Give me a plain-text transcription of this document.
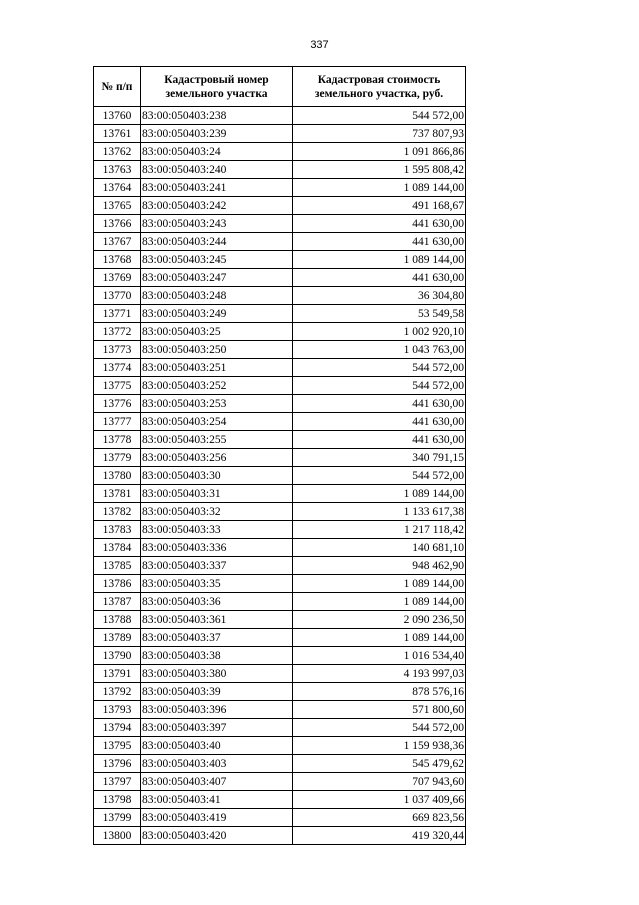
337
№ п/п	Кадастровый номер земельного участка	Кадастровая стоимость земельного участка, руб.
13760	83:00:050403:238	544 572,00
13761	83:00:050403:239	737 807,93
13762	83:00:050403:24	1 091 866,86
13763	83:00:050403:240	1 595 808,42
13764	83:00:050403:241	1 089 144,00
13765	83:00:050403:242	491 168,67
13766	83:00:050403:243	441 630,00
13767	83:00:050403:244	441 630,00
13768	83:00:050403:245	1 089 144,00
13769	83:00:050403:247	441 630,00
13770	83:00:050403:248	36 304,80
13771	83:00:050403:249	53 549,58
13772	83:00:050403:25	1 002 920,10
13773	83:00:050403:250	1 043 763,00
13774	83:00:050403:251	544 572,00
13775	83:00:050403:252	544 572,00
13776	83:00:050403:253	441 630,00
13777	83:00:050403:254	441 630,00
13778	83:00:050403:255	441 630,00
13779	83:00:050403:256	340 791,15
13780	83:00:050403:30	544 572,00
13781	83:00:050403:31	1 089 144,00
13782	83:00:050403:32	1 133 617,38
13783	83:00:050403:33	1 217 118,42
13784	83:00:050403:336	140 681,10
13785	83:00:050403:337	948 462,90
13786	83:00:050403:35	1 089 144,00
13787	83:00:050403:36	1 089 144,00
13788	83:00:050403:361	2 090 236,50
13789	83:00:050403:37	1 089 144,00
13790	83:00:050403:38	1 016 534,40
13791	83:00:050403:380	4 193 997,03
13792	83:00:050403:39	878 576,16
13793	83:00:050403:396	571 800,60
13794	83:00:050403:397	544 572,00
13795	83:00:050403:40	1 159 938,36
13796	83:00:050403:403	545 479,62
13797	83:00:050403:407	707 943,60
13798	83:00:050403:41	1 037 409,66
13799	83:00:050403:419	669 823,56
13800	83:00:050403:420	419 320,44
